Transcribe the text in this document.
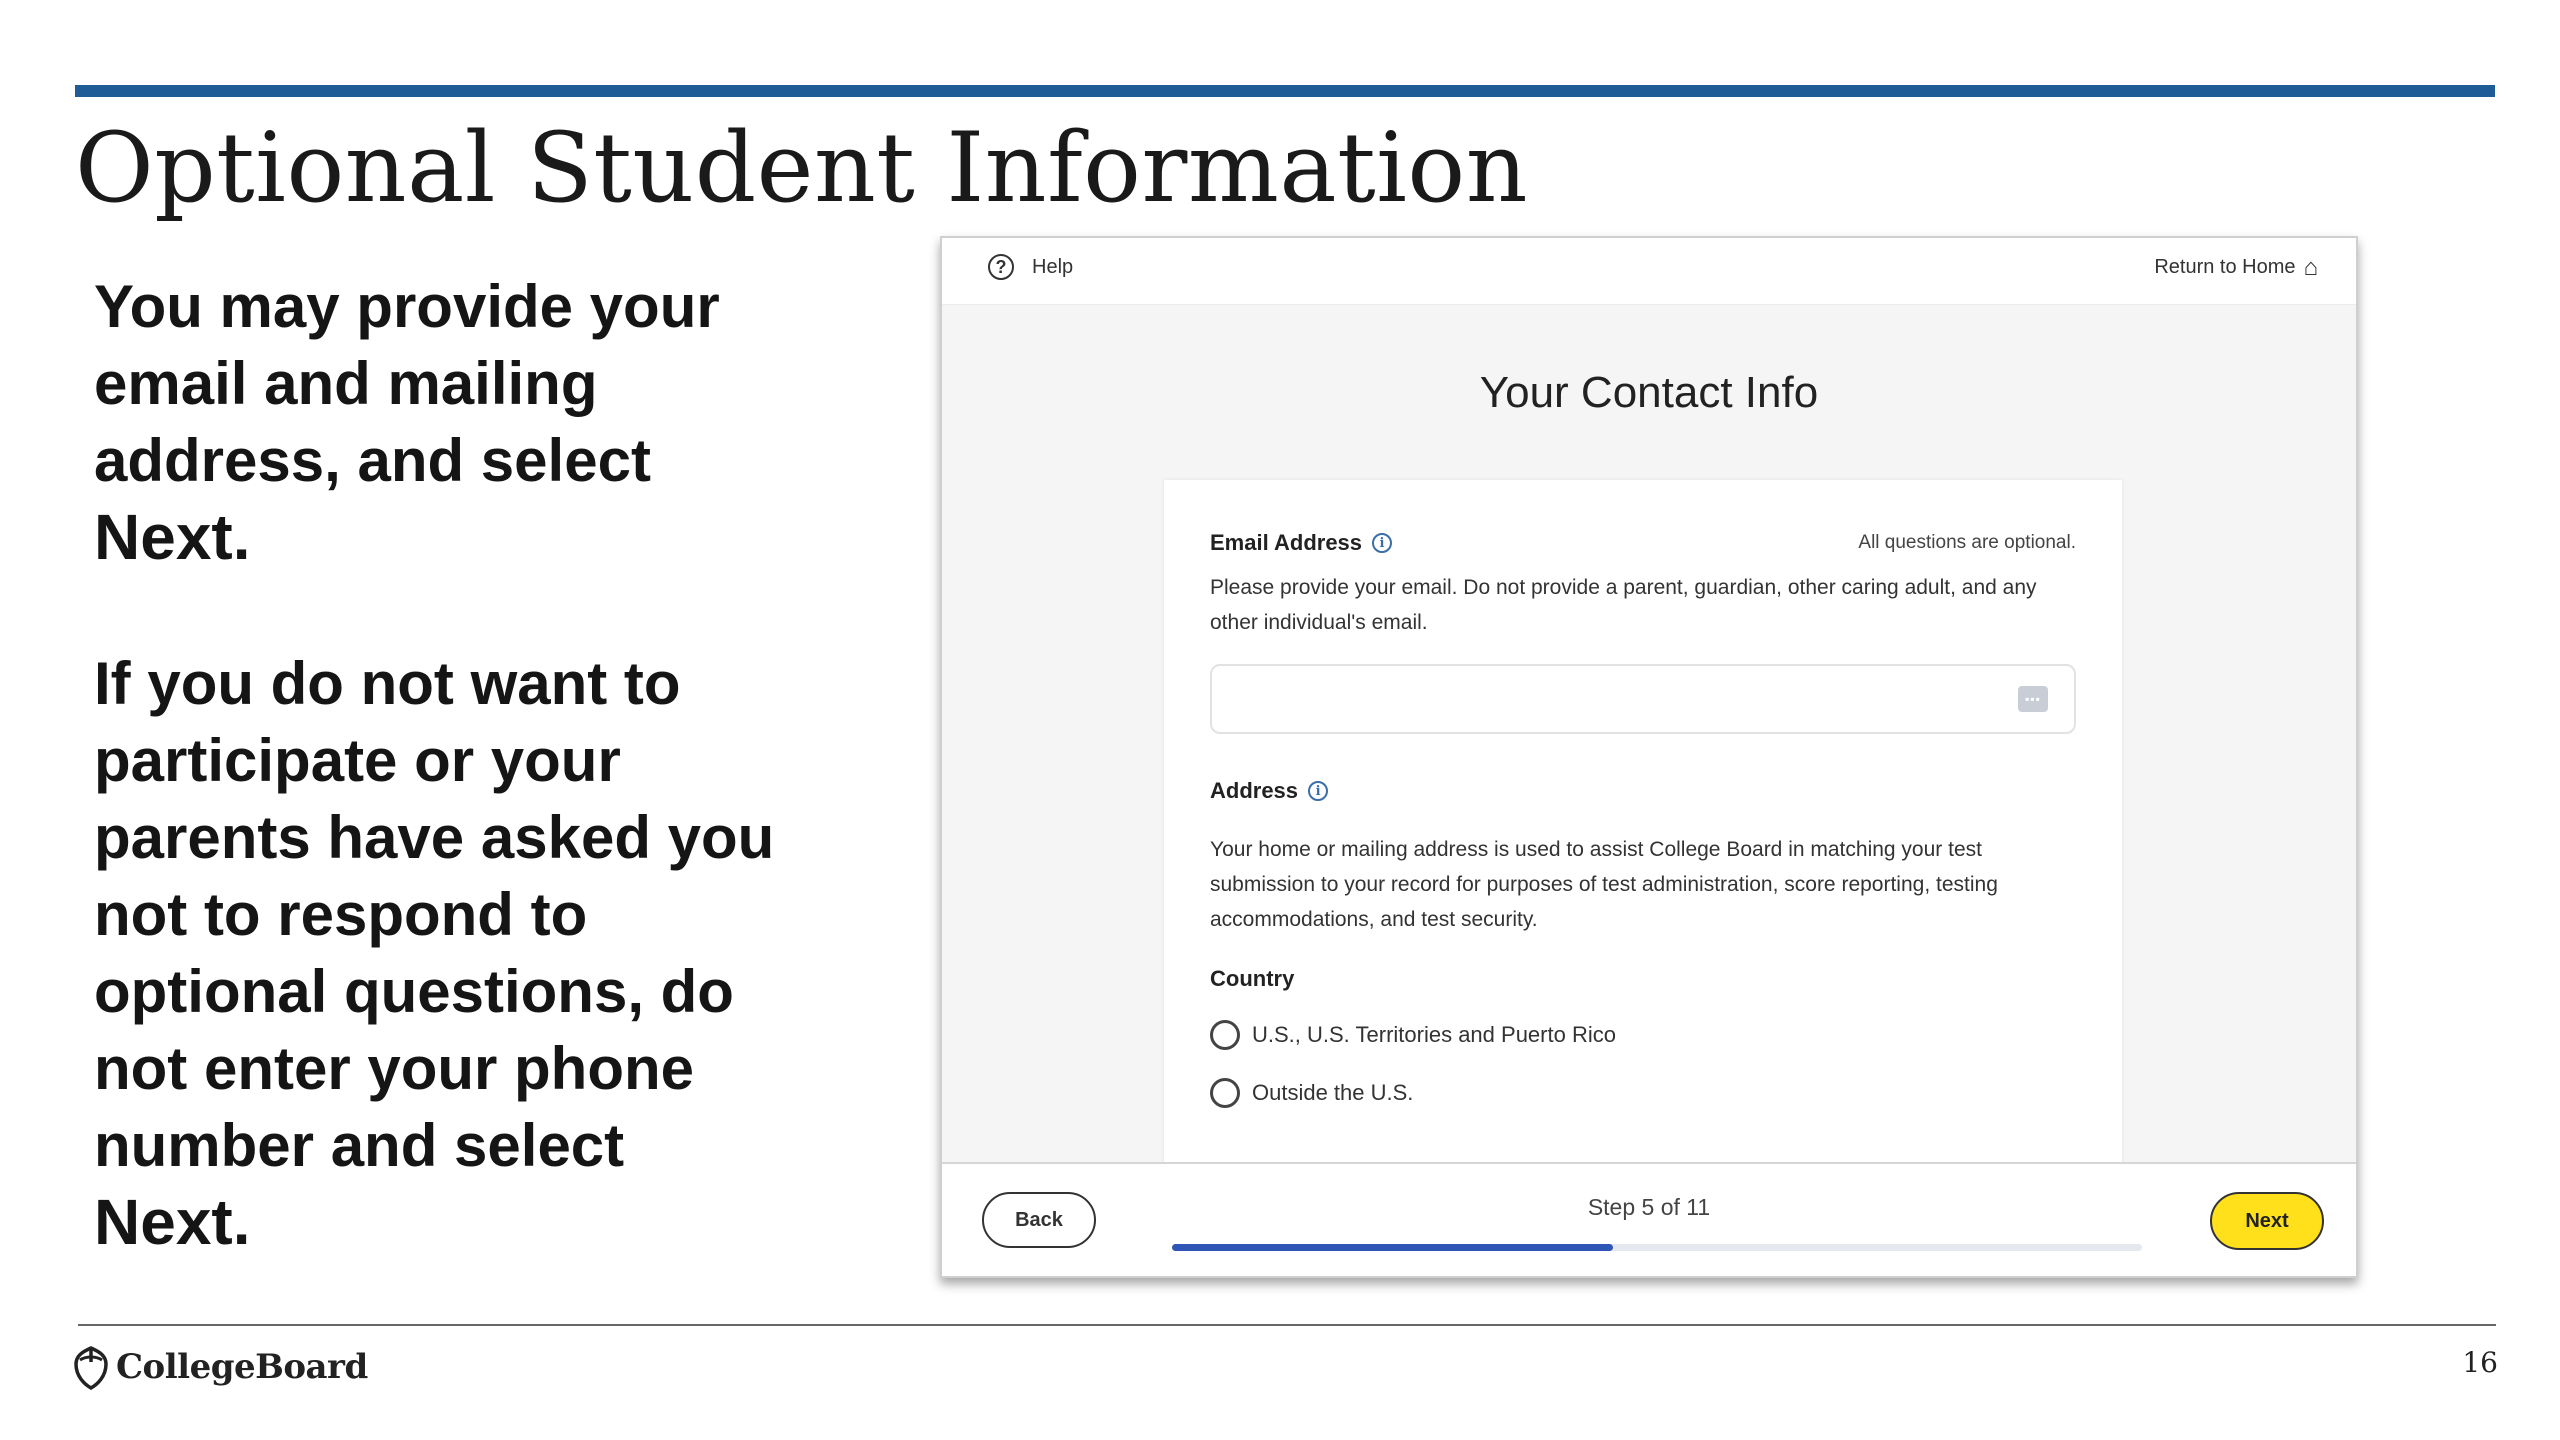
Optional Student Information

You may provide your email and mailing address, and select Next.

If you do not want to participate or your parents have asked you not to respond to optional questions, do not enter your phone number and select Next.

?	Help	Return to Home ⌂
Your Contact Info
Email Address	i	All questions are optional.
Please provide your email. Do not provide a parent, guardian, other caring adult, and any other individual's email.
▪▪▪
Address	i
Your home or mailing address is used to assist College Board in matching your test submission to your record for purposes of test administration, score reporting, testing accommodations, and test security.
Country
U.S., U.S. Territories and Puerto Rico
Outside the U.S.
Back	Step 5 of 11
Next
CollegeBoard	16
